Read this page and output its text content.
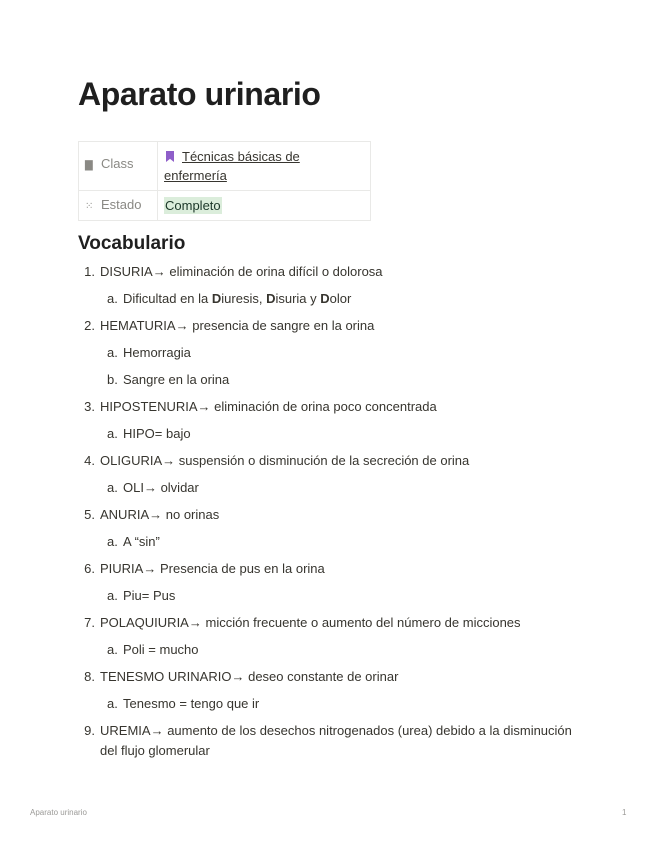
Aparato urinario
▇ Class	Técnicas básicas de enfermería
⁙ Estado	Completo
Vocabulario
1. DISURIA→ eliminación de orina difícil o dolorosa
a. Dificultad en la Diuresis, Disuria y Dolor
2. HEMATURIA→ presencia de sangre en la orina
a. Hemorragia
b. Sangre en la orina
3. HIPOSTENURIA→ eliminación de orina poco concentrada
a. HIPO= bajo
4. OLIGURIA→ suspensión o disminución de la secreción de orina
a. OLI→ olvidar
5. ANURIA→ no orinas
a. A “sin”
6. PIURIA→ Presencia de pus en la orina
a. Piu= Pus
7. POLAQUIURIA→ micción frecuente o aumento del número de micciones
a. Poli = mucho
8. TENESMO URINARIO→ deseo constante de orinar
a. Tenesmo = tengo que ir
9. UREMIA→ aumento de los desechos nitrogenados (urea) debido a la disminución del flujo glomerular
Aparato urinario	1
